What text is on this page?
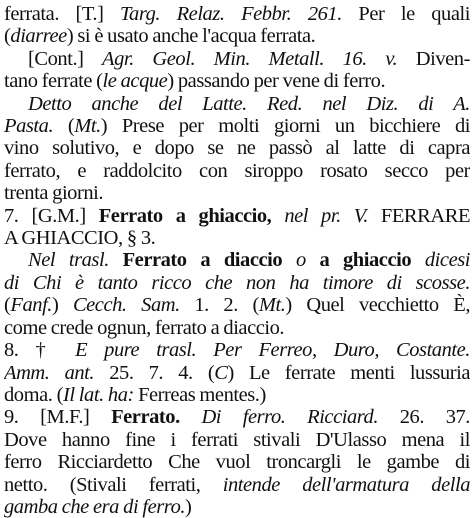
ferrata. [T.] Targ. Relaz. Febbr. 261. Per le quali
(diarree) si è usato anche l'acqua ferrata.
[Cont.] Agr. Geol. Min. Metall. 16. v. Diven-
tano ferrate (le acque) passando per vene di ferro.
Detto anche del Latte. Red. nel Diz. di A.
Pasta. (Mt.) Prese per molti giorni un bicchiere di
vino solutivo, e dopo se ne passò al latte di capra
ferrato, e raddolcito con siroppo rosato secco per
trenta giorni.
7. [G.M.] Ferrato a ghiaccio, nel pr. V. FERRARE
A GHIACCIO, § 3.
Nel trasl. Ferrato a diaccio o a ghiaccio dicesi
di Chi è tanto ricco che non ha timore di scosse.
(Fanf.) Cecch. Sam. 1. 2. (Mt.) Quel vecchietto È,
come crede ognun, ferrato a diaccio.
8. † E pure trasl. Per Ferreo, Duro, Costante.
Amm. ant. 25. 7. 4. (C) Le ferrate menti lussuria
doma. (Il lat. ha: Ferreas mentes.)
9. [M.F.] Ferrato. Di ferro. Ricciard. 26. 37.
Dove hanno fine i ferrati stivali D'Ulasso mena il
ferro Ricciardetto Che vuol troncargli le gambe di
netto. (Stivali ferrati, intende dell'armatura della
gamba che era di ferro.)
